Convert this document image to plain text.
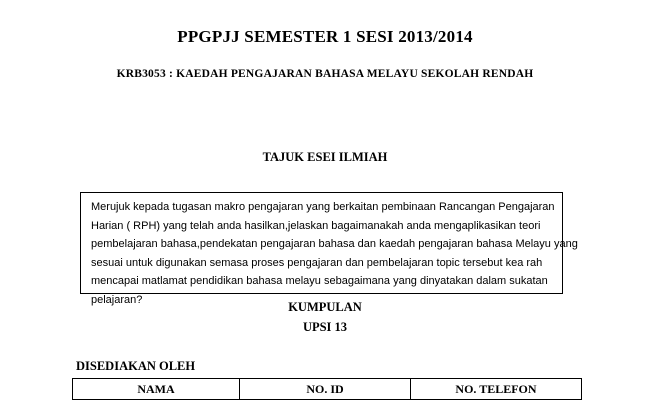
PPGPJJ SEMESTER 1 SESI 2013/2014
KRB3053 : KAEDAH PENGAJARAN BAHASA MELAYU SEKOLAH RENDAH
TAJUK ESEI ILMIAH
Merujuk kepada tugasan makro pengajaran yang berkaitan pembinaan Rancangan Pengajaran
Harian ( RPH) yang telah anda hasilkan,jelaskan bagaimanakah anda mengaplikasikan teori
pembelajaran bahasa,pendekatan pengajaran bahasa dan kaedah pengajaran bahasa Melayu yang
sesuai untuk digunakan semasa proses pengajaran dan pembelajaran topic tersebut kea rah
mencapai matlamat pendidikan bahasa melayu sebagaimana yang dinyatakan dalam sukatan
pelajaran?
KUMPULAN
UPSI 13
DISEDIAKAN OLEH
NAMA	NO. ID	NO. TELEFON
